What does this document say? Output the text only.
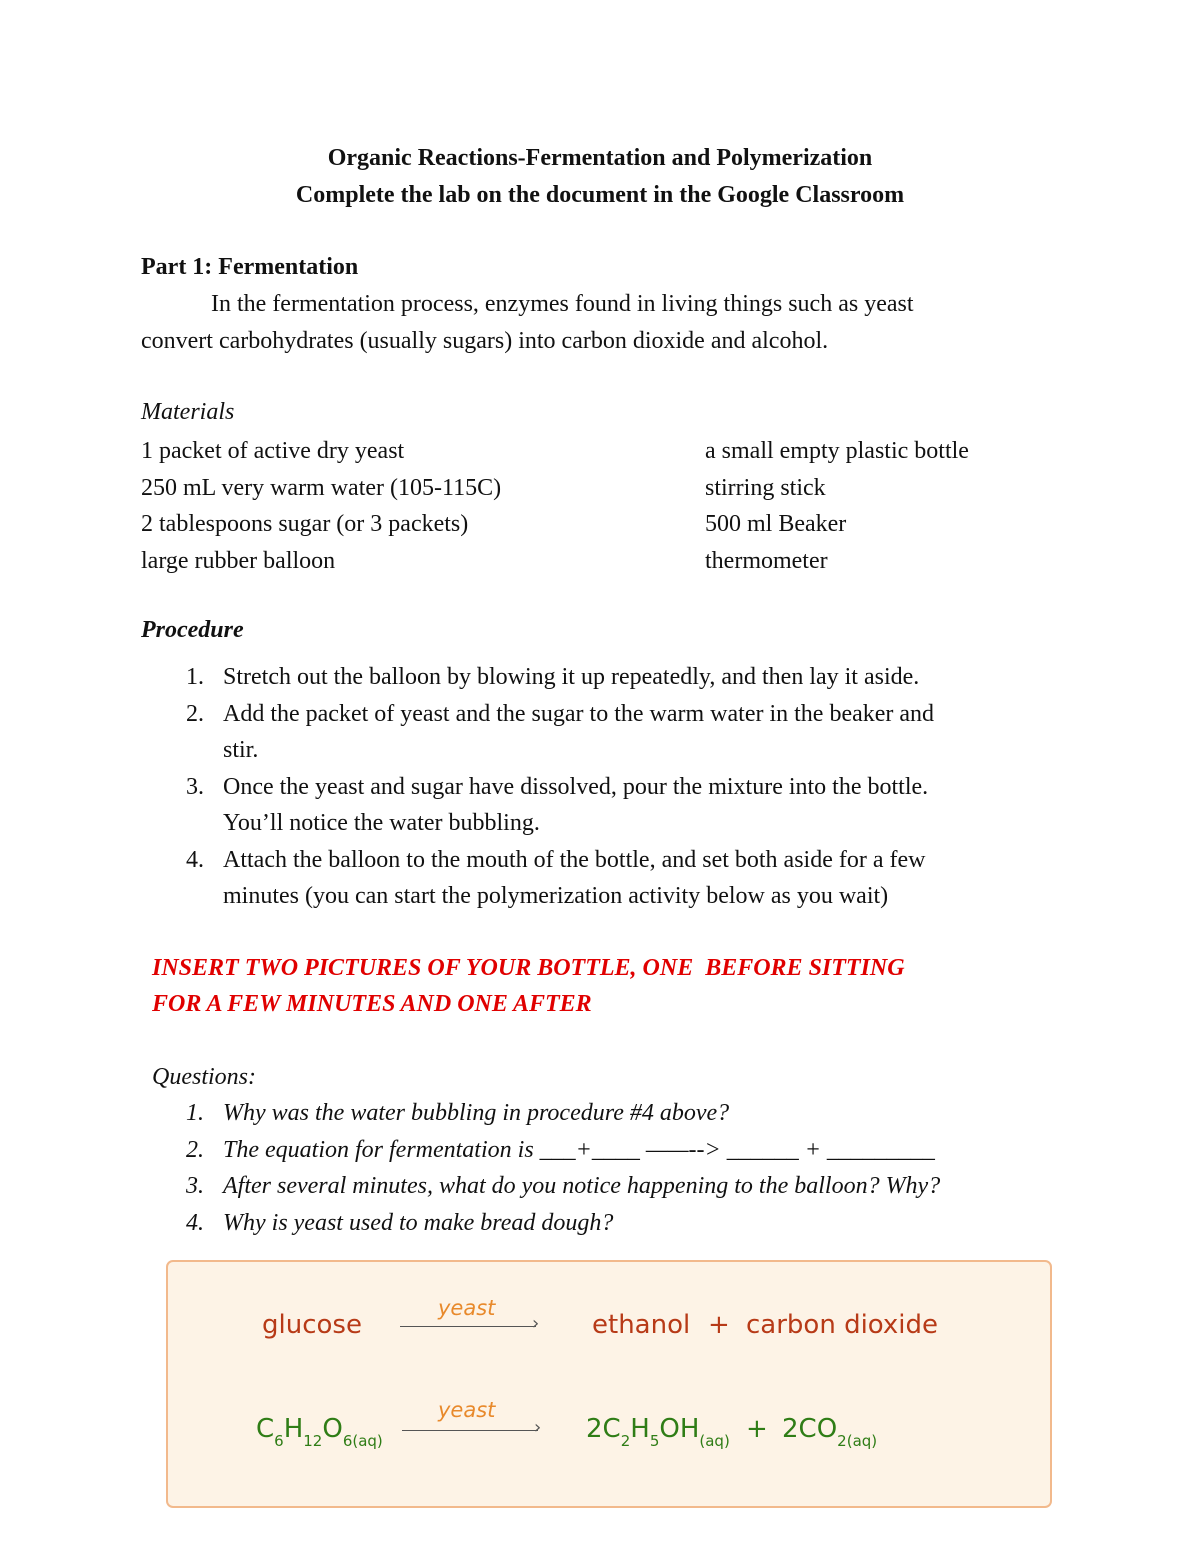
Organic Reactions-Fermentation and Polymerization
Complete the lab on the document in the Google Classroom
Part 1: Fermentation
In the fermentation process, enzymes found in living things such as yeast
convert carbohydrates (usually sugars) into carbon dioxide and alcohol.
Materials
1 packet of active dry yeast
250 mL very warm water (105-115C)
2 tablespoons sugar (or 3 packets)
large rubber balloon
a small empty plastic bottle
stirring stick
500 ml Beaker
thermometer
Procedure
1. Stretch out the balloon by blowing it up repeatedly, and then lay it aside.
2. Add the packet of yeast and the sugar to the warm water in the beaker and
stir.
3. Once the yeast and sugar have dissolved, pour the mixture into the bottle.
You’ll notice the water bubbling.
4. Attach the balloon to the mouth of the bottle, and set both aside for a few
minutes (you can start the polymerization activity below as you wait)
INSERT TWO PICTURES OF YOUR BOTTLE, ONE  BEFORE SITTING
FOR A FEW MINUTES AND ONE AFTER
Questions:
1. Why was the water bubbling in procedure #4 above?
2. The equation for fermentation is ___+____ ——--> ______ + _________
3. After several minutes, what do you notice happening to the balloon? Why?
4. Why is yeast used to make bread dough?
glucose
yeast
› ethanol + carbon dioxide
$C_6H_{12}O_{6(aq)}$
yeast
› $2C_2H_5OH_{(aq)} + 2CO_{2(aq)}$
